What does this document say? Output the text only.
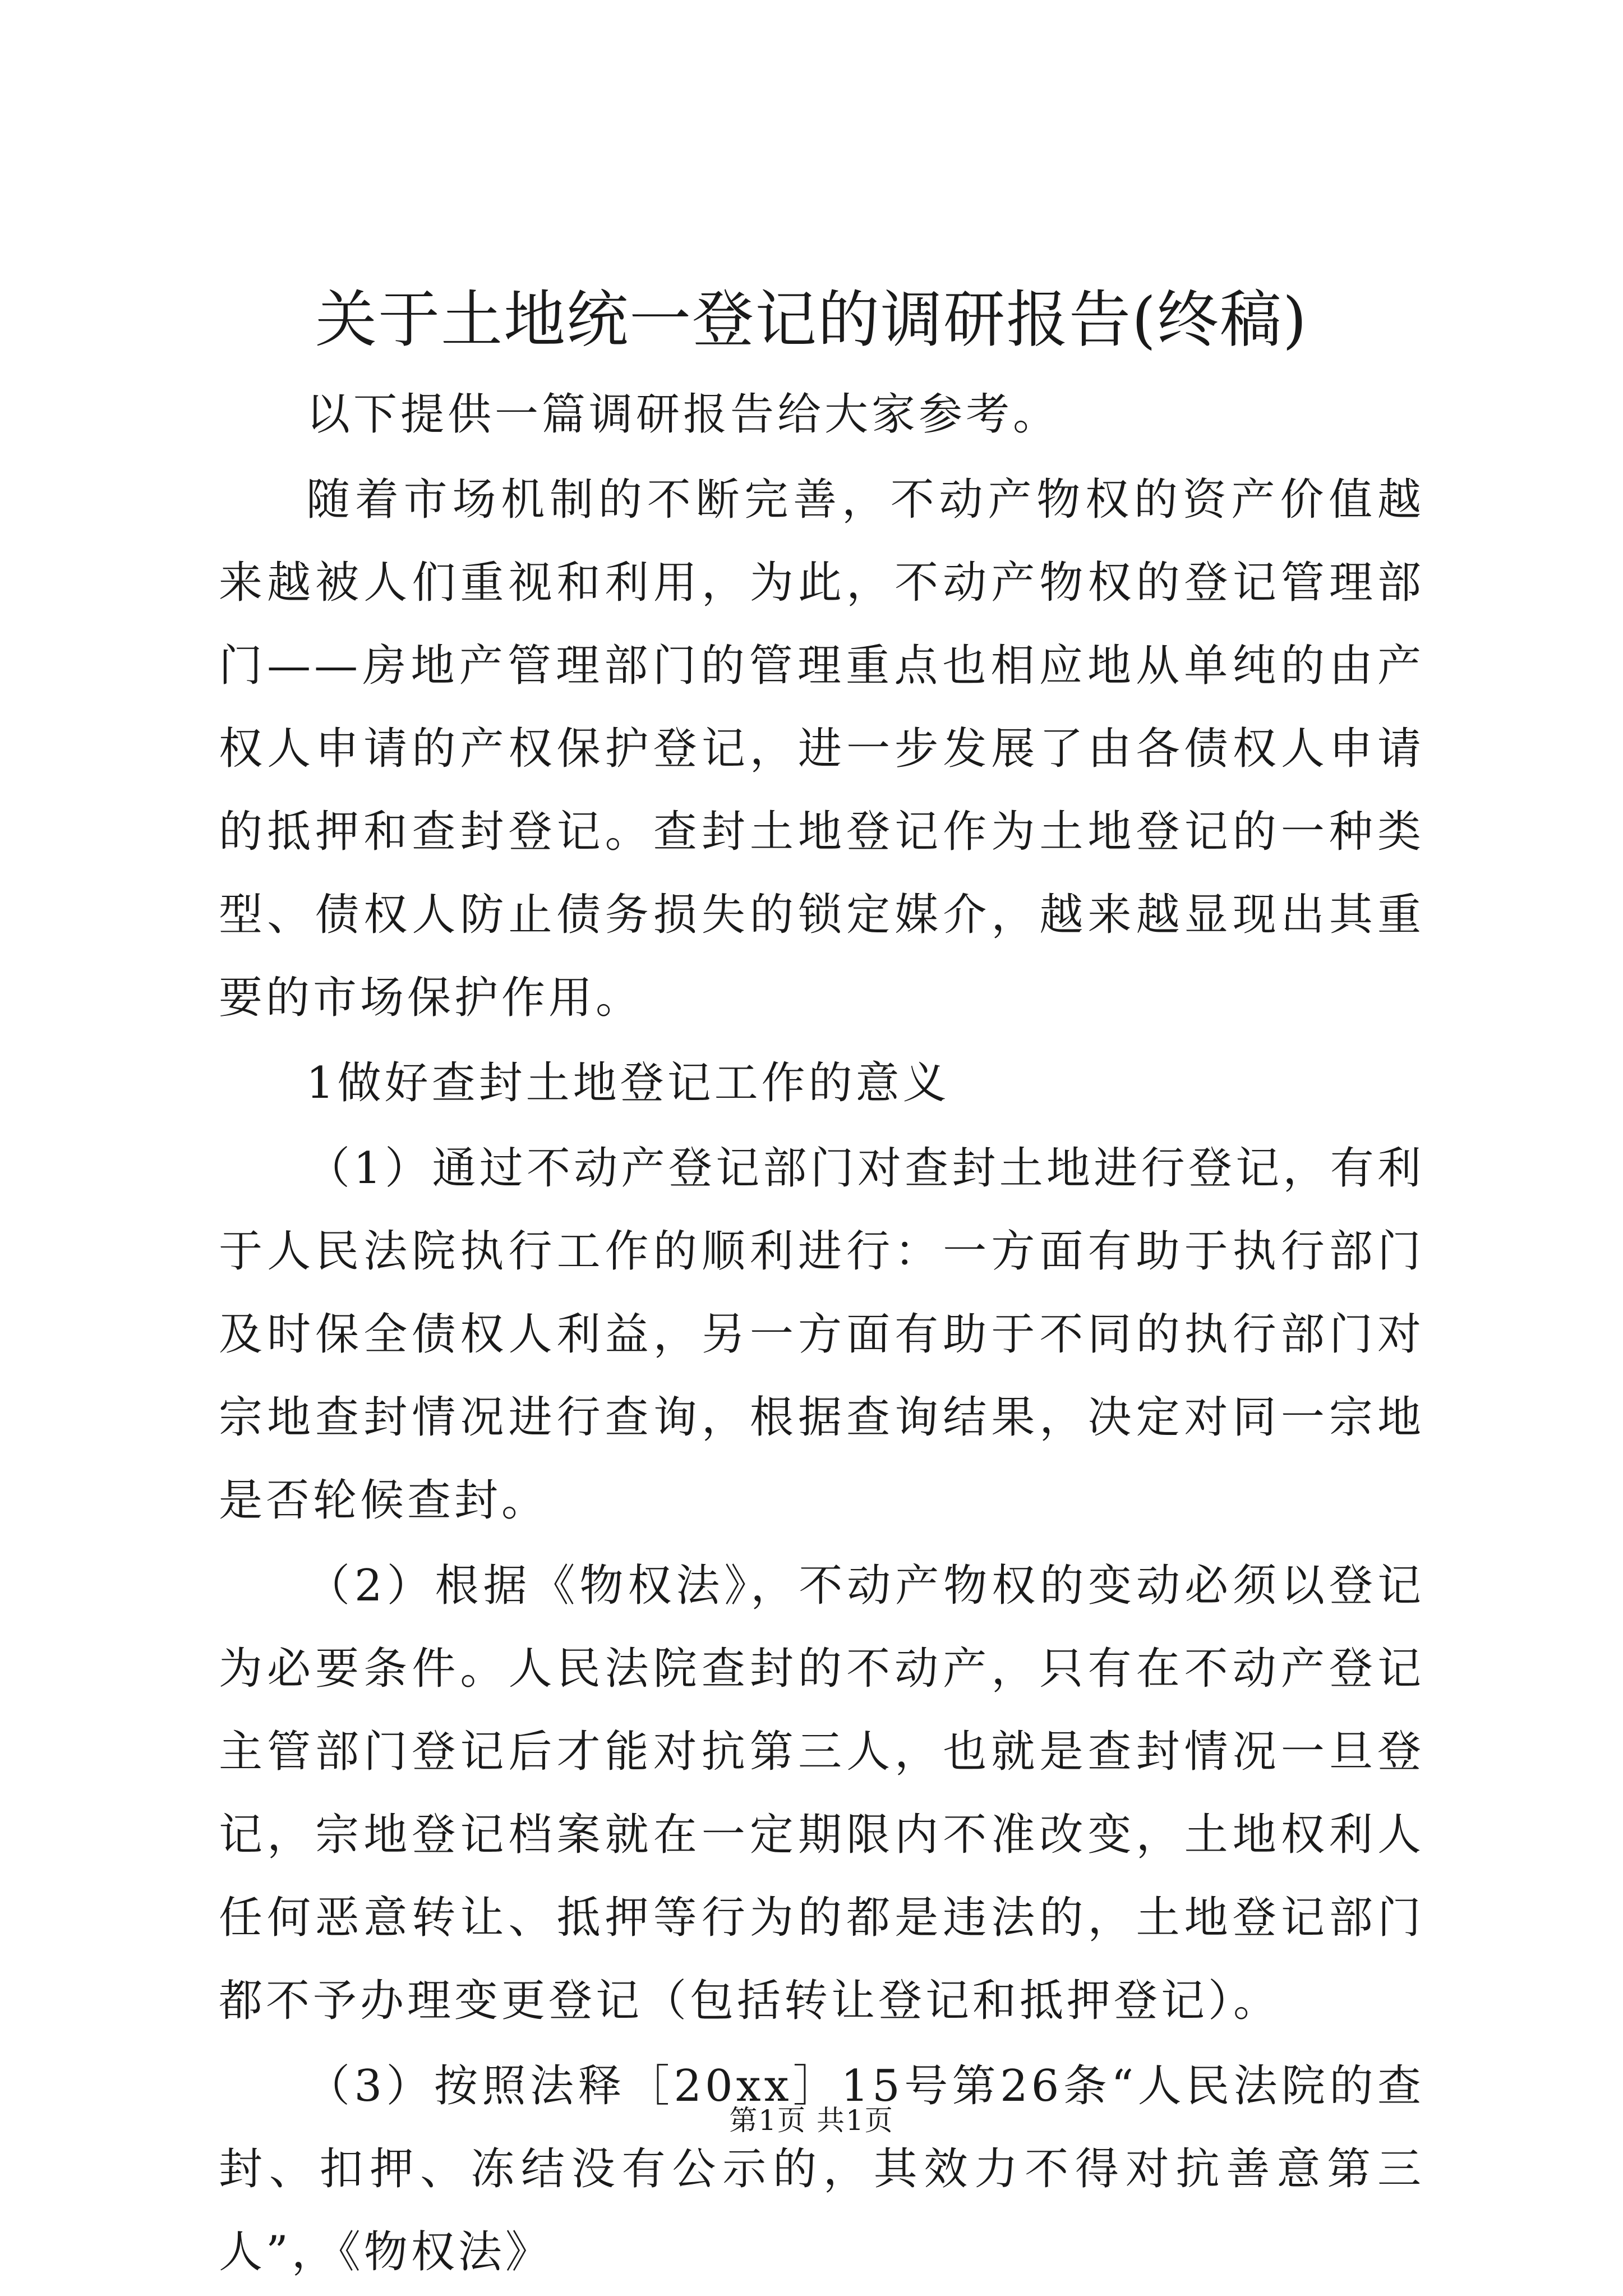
关于土地统一登记的调研报告(终稿)

以下提供一篇调研报告给大家参考。

随着市场机制的不断完善，不动产物权的资产价值越来越被人们重视和利用，为此，不动产物权的登记管理部门——房地产管理部门的管理重点也相应地从单纯的由产权人申请的产权保护登记，进一步发展了由各债权人申请的抵押和查封登记。查封土地登记作为土地登记的一种类型、债权人防止债务损失的锁定媒介，越来越显现出其重要的市场保护作用。

1做好查封土地登记工作的意义

（1）通过不动产登记部门对查封土地进行登记，有利于人民法院执行工作的顺利进行：一方面有助于执行部门及时保全债权人利益，另一方面有助于不同的执行部门对宗地查封情况进行查询，根据查询结果，决定对同一宗地是否轮候查封。

（2）根据《物权法》，不动产物权的变动必须以登记为必要条件。人民法院查封的不动产，只有在不动产登记主管部门登记后才能对抗第三人，也就是查封情况一旦登记，宗地登记档案就在一定期限内不准改变，土地权利人任何恶意转让、抵押等行为的都是违法的，土地登记部门都不予办理变更登记（包括转让登记和抵押登记）。

（3）按照法释［20xx］15号第26条“人民法院的查封、扣押、冻结没有公示的，其效力不得对抗善意第三人”，《物权法》

第1页 共1页
